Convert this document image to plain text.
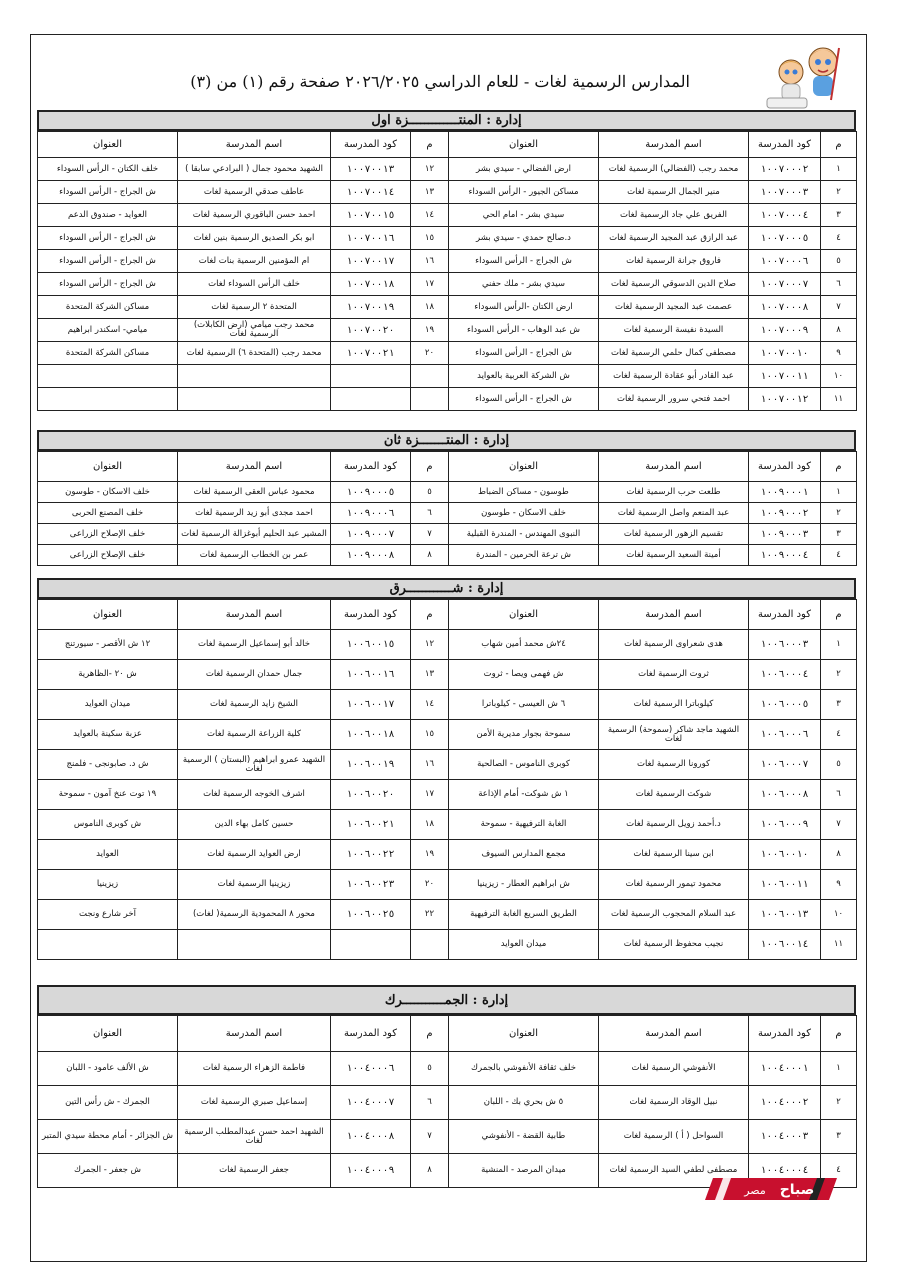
المدارس الرسمية لغات - للعام الدراسي ٢٠٢٦/٢٠٢٥ صفحة رقم (١) من (٣)
إدارة : المنتـــــــــــــزة اول
م	كود المدرسة	اسم المدرسة	العنوان	م	كود المدرسة	اسم المدرسة	العنوان
١	١٠٠٧٠٠٠٢	محمد رجب (الفضالي) الرسمية لغات	ارض الفضالي - سيدي بشر	١٢	١٠٠٧٠٠١٣	الشهيد محمود جمال ( البرادعي سابقا )	خلف الكتان - الرأس السوداء
٢	١٠٠٧٠٠٠٣	منير الجمال الرسمية لغات	مساكن الجيور - الرأس السوداء	١٣	١٠٠٧٠٠١٤	عاطف صدقي الرسمية لغات	ش الجراج - الرأس السوداء
٣	١٠٠٧٠٠٠٤	الفريق علي جاد الرسمية لغات	سيدي بشر - امام الحي	١٤	١٠٠٧٠٠١٥	احمد حسن الباقوري الرسمية لغات	العوايد - صندوق الدعم
٤	١٠٠٧٠٠٠٥	عبد الرازق عبد المجيد الرسمية لغات	د.صالح حمدي - سيدي بشر	١٥	١٠٠٧٠٠١٦	ابو بكر الصديق الرسمية بنين لغات	ش الجراج - الرأس السوداء
٥	١٠٠٧٠٠٠٦	فاروق جرانة الرسمية لغات	ش الجراج - الرأس السوداء	١٦	١٠٠٧٠٠١٧	ام المؤمنين الرسمية بنات لغات	ش الجراج - الرأس السوداء
٦	١٠٠٧٠٠٠٧	صلاح الدين الدسوقي الرسمية لغات	سيدي بشر - ملك حفني	١٧	١٠٠٧٠٠١٨	خلف الرأس السوداء لغات	ش الجراج - الرأس السوداء
٧	١٠٠٧٠٠٠٨	عصمت عبد المجيد الرسمية لغات	ارض الكتان -الرأس السوداء	١٨	١٠٠٧٠٠١٩	المتحدة ٢ الرسمية لغات	مساكن الشركة المتحدة
٨	١٠٠٧٠٠٠٩	السيدة نفيسة الرسمية لغات	ش عبد الوهاب - الرأس السوداء	١٩	١٠٠٧٠٠٢٠	محمد رجب ميامي (ارض الكابلات) الرسمية لغات	ميامي- اسكندر ابراهيم
٩	١٠٠٧٠٠١٠	مصطفى كمال حلمي الرسمية لغات	ش الجراج - الرأس السوداء	٢٠	١٠٠٧٠٠٢١	محمد رجب (المتحدة ٦) الرسمية لغات	مساكن الشركة المتحدة
١٠	١٠٠٧٠٠١١	عبد القادر أبو عقادة الرسمية لغات	ش الشركة العربية بالعوايد				
١١	١٠٠٧٠٠١٢	احمد فتحي سرور الرسمية لغات	ش الجراج - الرأس السوداء				
إدارة : المنتـــــــزة ثان
م	كود المدرسة	اسم المدرسة	العنوان	م	كود المدرسة	اسم المدرسة	العنوان
١	١٠٠٩٠٠٠١	طلعت حرب الرسمية لغات	طوسون - مساكن الضباط	٥	١٠٠٩٠٠٠٥	محمود عباس العقى الرسمية لغات	خلف الاسكان - طوسون
٢	١٠٠٩٠٠٠٢	عبد المنعم واصل الرسمية لغات	خلف الاسكان - طوسون	٦	١٠٠٩٠٠٠٦	احمد مجدى أبو زيد الرسمية لغات	خلف المصنع الحربى
٣	١٠٠٩٠٠٠٣	تقسيم الزهور الرسمية لغات	النبوى المهندس - المندرة القبلية	٧	١٠٠٩٠٠٠٧	المشير عبد الحليم أبوغزالة الرسمية لغات	خلف الإصلاح الزراعى
٤	١٠٠٩٠٠٠٤	أمينة السعيد الرسمية لغات	ش ترعة الحرمين - المندرة	٨	١٠٠٩٠٠٠٨	عمر بن الخطاب الرسمية لغات	خلف الإصلاح الزراعى
إدارة : شــــــــــــرق
م	كود المدرسة	اسم المدرسة	العنوان	م	كود المدرسة	اسم المدرسة	العنوان
١	١٠٠٦٠٠٠٣	هدى شعراوى الرسمية لغات	٢٤ش محمد أمين شهاب	١٢	١٠٠٦٠٠١٥	خالد أبو إسماعيل الرسمية لغات	١٢ ش الأقصر - سيورتنج
٢	١٠٠٦٠٠٠٤	ثروت الرسمية لغات	ش فهمى ويصا - ثروت	١٣	١٠٠٦٠٠١٦	جمال حمدان الرسمية لغات	ش ٢٠ -الظاهرية
٣	١٠٠٦٠٠٠٥	كيلوباترا الرسمية لغات	٦ ش العيسى - كيلوباترا	١٤	١٠٠٦٠٠١٧	الشيخ زايد الرسمية لغات	ميدان العوايد
٤	١٠٠٦٠٠٠٦	الشهيد ماجد شاكر (سموحة) الرسمية لغات	سموحة بجوار مديرية الأمن	١٥	١٠٠٦٠٠١٨	كلية الزراعة الرسمية لغات	عزبة سكينة بالعوايد
٥	١٠٠٦٠٠٠٧	كورونا الرسمية لغات	كوبرى الناموس - الصالحية	١٦	١٠٠٦٠٠١٩	الشهيد عمرو ابراهيم (البستان ) الرسمية لغات	ش د. صابونجى - فلمنج
٦	١٠٠٦٠٠٠٨	شوكت الرسمية لغات	١ ش شوكت- أمام الإذاعة	١٧	١٠٠٦٠٠٢٠	اشرف الخوجه الرسمية لغات	١٩ توت عنخ آمون - سموحة
٧	١٠٠٦٠٠٠٩	د.أحمد زويل الرسمية لغات	الغابة الترفيهية - سموحة	١٨	١٠٠٦٠٠٢١	حسين كامل بهاء الدين	ش كوبرى الناموس
٨	١٠٠٦٠٠١٠	ابن سينا الرسمية لغات	مجمع المدارس السيوف	١٩	١٠٠٦٠٠٢٢	ارض العوايد الرسمية لغات	العوايد
٩	١٠٠٦٠٠١١	محمود تيمور الرسمية لغات	ش ابراهيم العطار - زيزينيا	٢٠	١٠٠٦٠٠٢٣	زيزينيا الرسمية لغات	زيزينيا
١٠	١٠٠٦٠٠١٣	عبد السلام المحجوب الرسمية لغات	الطريق السريع الغابة الترفيهية	٢٢	١٠٠٦٠٠٢٥	محور ٨ المحمودية الرسمية( لغات)	آخر شارع ونجت
١١	١٠٠٦٠٠١٤	نجيب محفوظ الرسمية لغات	ميدان العوايد				
إدارة : الجمـــــــــــرك
م	كود المدرسة	اسم المدرسة	العنوان	م	كود المدرسة	اسم المدرسة	العنوان
١	١٠٠٤٠٠٠١	الأنفوشي الرسمية لغات	خلف ثقافة الأنفوشي بالجمرك	٥	١٠٠٤٠٠٠٦	فاطمة الزهراء الرسمية لغات	ش الألف عامود - اللبان
٢	١٠٠٤٠٠٠٢	نبيل الوقاد الرسمية لغات	٥ ش بحري بك - اللبان	٦	١٠٠٤٠٠٠٧	إسماعيل صبري الرسمية لغات	الجمرك - ش رأس التين
٣	١٠٠٤٠٠٠٣	السواحل ( أ ) الرسمية لغات	طابية القضة - الأنفوشي	٧	١٠٠٤٠٠٠٨	الشهيد احمد حسن عبدالمطلب الرسمية لغات	ش الجزائر - أمام محطة سيدي المتبر
٤	١٠٠٤٠٠٠٤	مصطفى لطفي السيد الرسمية لغات	ميدان المرصد - المنشية	٨	١٠٠٤٠٠٠٩	جعفر الرسمية لغات	ش جعفر - الجمرك
صباح
مصر
